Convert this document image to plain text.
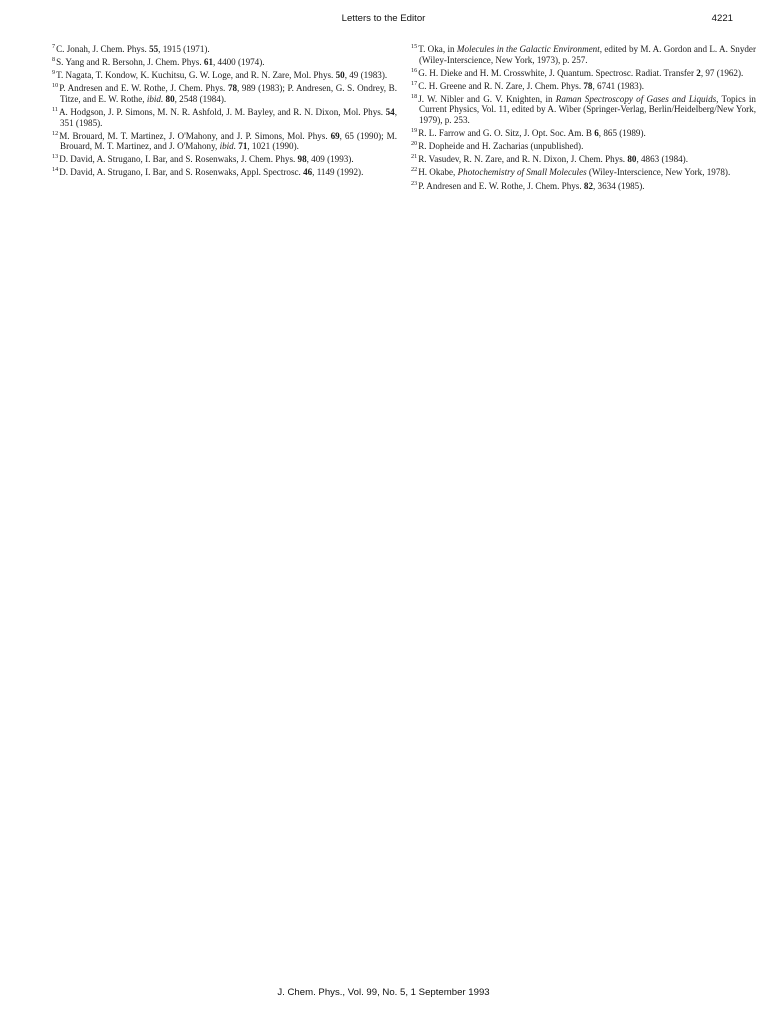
Letters to the Editor	4221
$^7$C. Jonah, J. Chem. Phys. 55, 1915 (1971).
$^8$S. Yang and R. Bersohn, J. Chem. Phys. 61, 4400 (1974).
$^9$T. Nagata, T. Kondow, K. Kuchitsu, G. W. Loge, and R. N. Zare, Mol. Phys. 50, 49 (1983).
$^{10}$P. Andresen and E. W. Rothe, J. Chem. Phys. 78, 989 (1983); P. Andresen, G. S. Ondrey, B. Titze, and E. W. Rothe, ibid. 80, 2548 (1984).
$^{11}$A. Hodgson, J. P. Simons, M. N. R. Ashfold, J. M. Bayley, and R. N. Dixon, Mol. Phys. 54, 351 (1985).
$^{12}$M. Brouard, M. T. Martinez, J. O'Mahony, and J. P. Simons, Mol. Phys. 69, 65 (1990); M. Brouard, M. T. Martinez, and J. O'Mahony, ibid. 71, 1021 (1990).
$^{13}$D. David, A. Strugano, I. Bar, and S. Rosenwaks, J. Chem. Phys. 98, 409 (1993).
$^{14}$D. David, A. Strugano, I. Bar, and S. Rosenwaks, Appl. Spectrosc. 46, 1149 (1992).
$^{15}$T. Oka, in Molecules in the Galactic Environment, edited by M. A. Gordon and L. A. Snyder (Wiley-Interscience, New York, 1973), p. 257.
$^{16}$G. H. Dieke and H. M. Crosswhite, J. Quantum. Spectrosc. Radiat. Transfer 2, 97 (1962).
$^{17}$C. H. Greene and R. N. Zare, J. Chem. Phys. 78, 6741 (1983).
$^{18}$J. W. Nibler and G. V. Knighten, in Raman Spectroscopy of Gases and Liquids, Topics in Current Physics, Vol. 11, edited by A. Wiber (Springer-Verlag, Berlin/Heidelberg/New York, 1979), p. 253.
$^{19}$R. L. Farrow and G. O. Sitz, J. Opt. Soc. Am. B 6, 865 (1989).
$^{20}$R. Dopheide and H. Zacharias (unpublished).
$^{21}$R. Vasudev, R. N. Zare, and R. N. Dixon, J. Chem. Phys. 80, 4863 (1984).
$^{22}$H. Okabe, Photochemistry of Small Molecules (Wiley-Interscience, New York, 1978).
$^{23}$P. Andresen and E. W. Rothe, J. Chem. Phys. 82, 3634 (1985).
J. Chem. Phys., Vol. 99, No. 5, 1 September 1993
